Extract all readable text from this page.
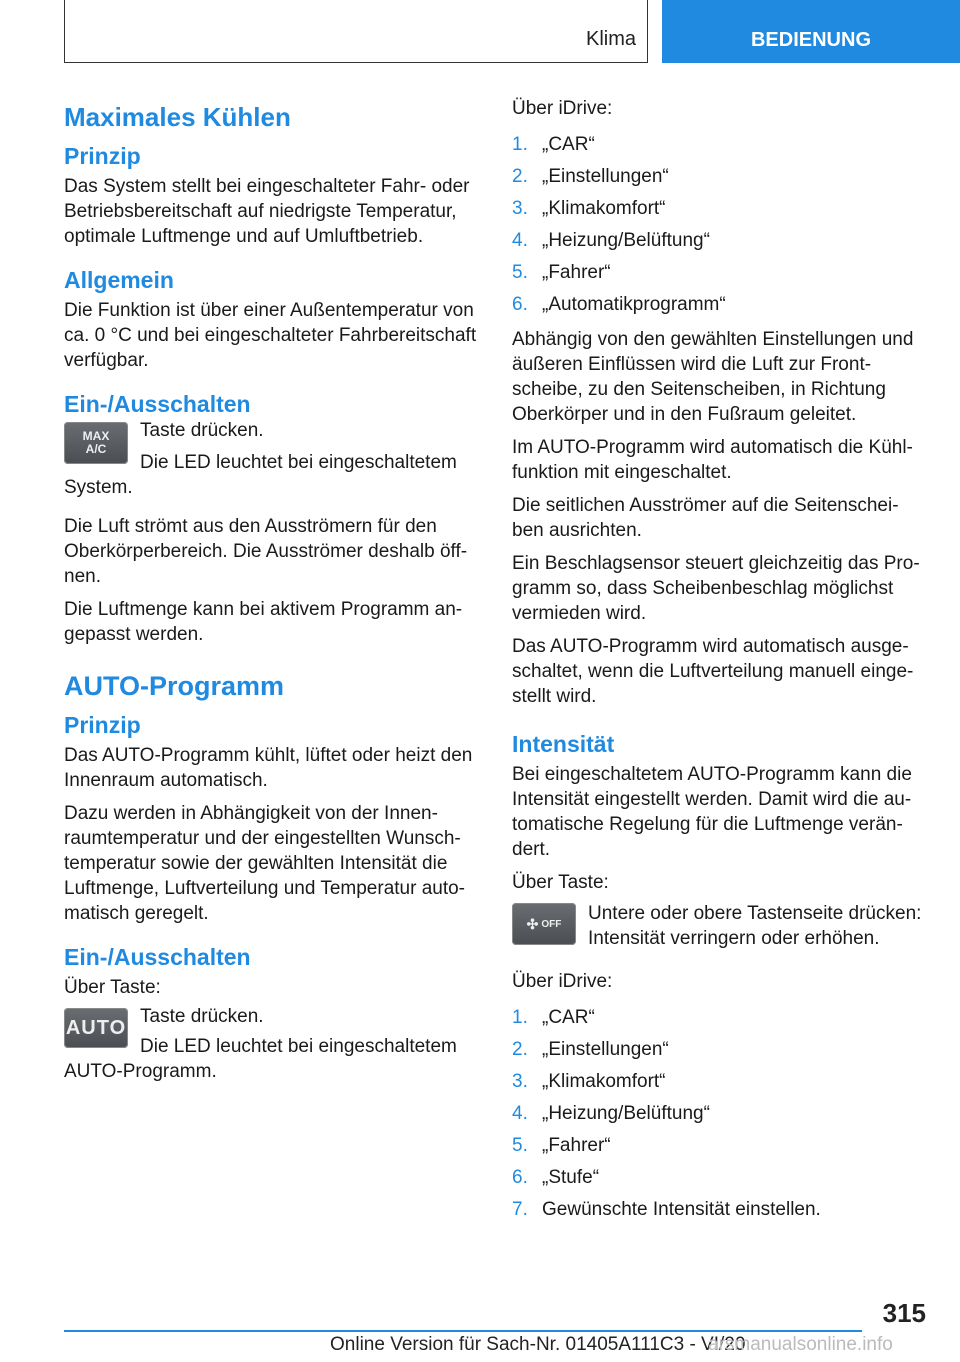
Klima	BEDIENUNG
Maximales Kühlen
Prinzip

Das System stellt bei eingeschalteter Fahr- oder Betriebsbereitschaft auf niedrigste Temperatur, optimale Luftmenge und auf Umluftbetrieb.

Allgemein

Die Funktion ist über einer Außentemperatur von ca. 0 °C und bei eingeschalteter Fahrbereitschaft verfügbar.

Ein-/Ausschalten
MAX
A/C

Taste drücken.

Die LED leuchtet bei eingeschaltetem System.

Die Luft strömt aus den Ausströmern für den Oberkörperbereich. Die Ausströmer deshalb öff- nen.

Die Luftmenge kann bei aktivem Programm an- gepasst werden.

AUTO-Programm
Prinzip

Das AUTO-Programm kühlt, lüftet oder heizt den Innenraum automatisch.

Dazu werden in Abhängigkeit von der Innen- raumtemperatur und der eingestellten Wunsch- temperatur sowie der gewählten Intensität die Luftmenge, Luftverteilung und Temperatur auto- matisch geregelt.

Ein-/Ausschalten

Über Taste:

AUTO Taste drücken.

Die LED leuchtet bei eingeschaltetem AUTO-Programm.

Über iDrive:

1. „CAR“
2. „Einstellungen“
3. „Klimakomfort“
4. „Heizung/Belüftung“
5. „Fahrer“
6. „Automatikprogramm“

Abhängig von den gewählten Einstellungen und äußeren Einflüssen wird die Luft zur Front- scheibe, zu den Seitenscheiben, in Richtung Oberkörper und in den Fußraum geleitet.

Im AUTO-Programm wird automatisch die Kühl- funktion mit eingeschaltet.

Die seitlichen Ausströmer auf die Seitenschei- ben ausrichten.

Ein Beschlagsensor steuert gleichzeitig das Pro- gramm so, dass Scheibenbeschlag möglichst vermieden wird.

Das AUTO-Programm wird automatisch ausge- schaltet, wenn die Luftverteilung manuell einge- stellt wird.

Intensität

Bei eingeschaltetem AUTO-Programm kann die Intensität eingestellt werden. Damit wird die au- tomatische Regelung für die Luftmenge verän- dert.

Über Taste:

✣ OFF Untere oder obere Tastenseite drücken: Intensität verringern oder erhöhen.

Über iDrive:

1. „CAR“
2. „Einstellungen“
3. „Klimakomfort“
4. „Heizung/Belüftung“
5. „Fahrer“
6. „Stufe“
7. Gewünschte Intensität einstellen.
315
Online Version für Sach-Nr. 01405A111C3 - VI/20
arsmanualsonline.info
